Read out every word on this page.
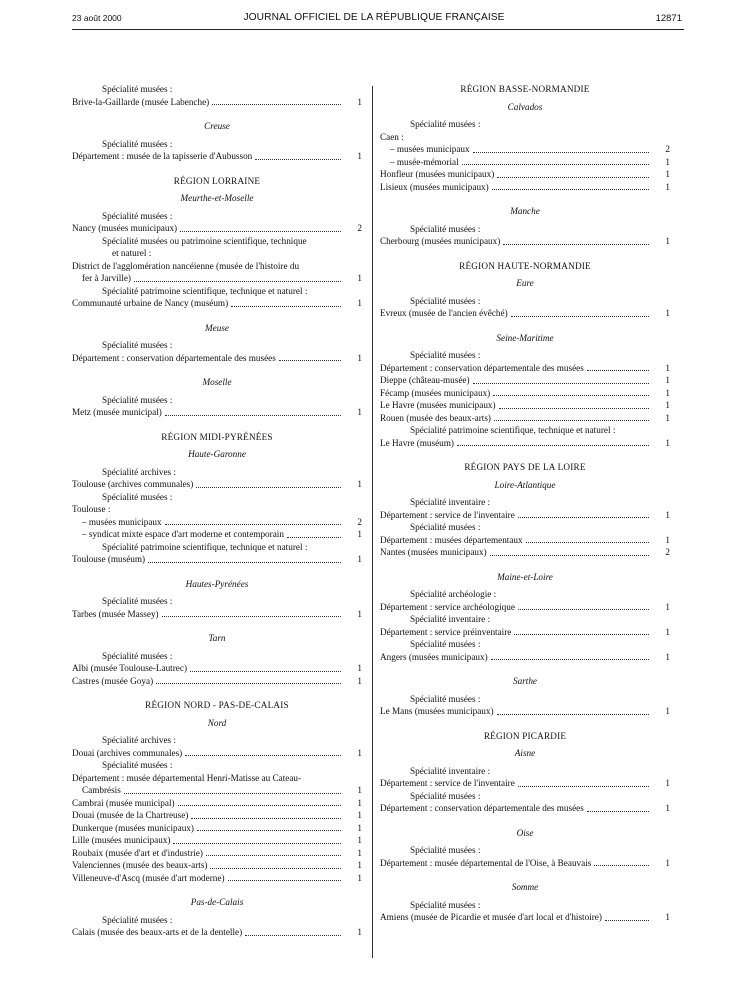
23 août 2000	JOURNAL OFFICIEL DE LA RÉPUBLIQUE FRANÇAISE	12871
Spécialité musées :
Brive-la-Gaillarde (musée Labenche)	1
Creuse
Spécialité musées :
Département : musée de la tapisserie d'Aubusson	1
RÉGION LORRAINE
Meurthe-et-Moselle
Spécialité musées :
Nancy (musées municipaux)	2
Spécialité musées ou patrimoine scientifique, technique
et naturel :
District de l'agglomération nancéienne (musée de l'histoire du
fer à Jarville)	1
Spécialité patrimoine scientifique, technique et naturel :
Communauté urbaine de Nancy (muséum)	1
Meuse
Spécialité musées :
Département : conservation départementale des musées	1
Moselle
Spécialité musées :
Metz (musée municipal)	1
RÉGION MIDI-PYRÉNÉES
Haute-Garonne
Spécialité archives :
Toulouse (archives communales)	1
Spécialité musées :
Toulouse :
– musées municipaux	2
– syndicat mixte espace d'art moderne et contemporain	1
Spécialité patrimoine scientifique, technique et naturel :
Toulouse (muséum)	1
Hautes-Pyrénées
Spécialité musées :
Tarbes (musée Massey)	1
Tarn
Spécialité musées :
Albi (musée Toulouse-Lautrec)	1
Castres (musée Goya)	1
RÉGION NORD - PAS-DE-CALAIS
Nord
Spécialité archives :
Douai (archives communales)	1
Spécialité musées :
Département : musée départemental Henri-Matisse au Cateau-
Cambrésis	1
Cambrai (musée municipal)	1
Douai (musée de la Chartreuse)	1
Dunkerque (musées municipaux)	1
Lille (musées municipaux)	1
Roubaix (musée d'art et d'industrie)	1
Valenciennes (musée des beaux-arts)	1
Villeneuve-d'Ascq (musée d'art moderne)	1
Pas-de-Calais
Spécialité musées :
Calais (musée des beaux-arts et de la dentelle)	1
RÉGION BASSE-NORMANDIE
Calvados
Spécialité musées :
Caen :
– musées municipaux	2
– musée-mémorial	1
Honfleur (musées municipaux)	1
Lisieux (musées municipaux)	1
Manche
Spécialité musées :
Cherbourg (musées municipaux)	1
RÉGION HAUTE-NORMANDIE
Eure
Spécialité musées :
Evreux (musée de l'ancien évêché)	1
Seine-Maritime
Spécialité musées :
Département : conservation départementale des musées	1
Dieppe (château-musée)	1
Fécamp (musées municipaux)	1
Le Havre (musées municipaux)	1
Rouen (musée des beaux-arts)	1
Spécialité patrimoine scientifique, technique et naturel :
Le Havre (muséum)	1
RÉGION PAYS DE LA LOIRE
Loire-Atlantique
Spécialité inventaire :
Département : service de l'inventaire	1
Spécialité musées :
Département : musées départementaux	1
Nantes (musées municipaux)	2
Maine-et-Loire
Spécialité archéologie :
Département : service archéologique	1
Spécialité inventaire :
Département : service préinventaire	1
Spécialité musées :
Angers (musées municipaux)	1
Sarthe
Spécialité musées :
Le Mans (musées municipaux)	1
RÉGION PICARDIE
Aisne
Spécialité inventaire :
Département : service de l'inventaire	1
Spécialité musées :
Département : conservation départementale des musées	1
Oise
Spécialité musées :
Département : musée départemental de l'Oise, à Beauvais	1
Somme
Spécialité musées :
Amiens (musée de Picardie et musée d'art local et d'histoire)	1
